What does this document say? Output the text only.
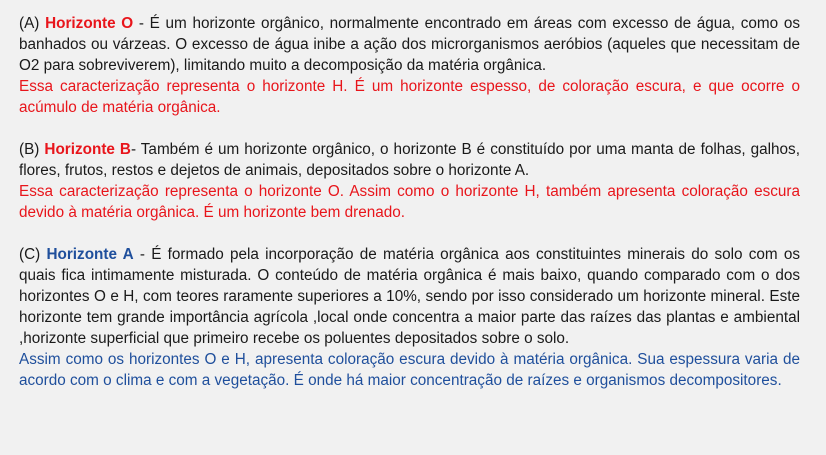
(A) Horizonte O - É um horizonte orgânico, normalmente encontrado em áreas com excesso de água, como os banhados ou várzeas. O excesso de água inibe a ação dos microrganismos aeróbios (aqueles que necessitam de O2 para sobreviverem), limitando muito a decomposição da matéria orgânica.

Essa caracterização representa o horizonte H. É um horizonte espesso, de coloração escura, e que ocorre o acúmulo de matéria orgânica.

(B) Horizonte B- Também é um horizonte orgânico, o horizonte B é constituído por uma manta de folhas, galhos, flores, frutos, restos e dejetos de animais, depositados sobre o horizonte A.

Essa caracterização representa o horizonte O. Assim como o horizonte H, também apresenta coloração escura devido à matéria orgânica. É um horizonte bem drenado.

(C) Horizonte A - É formado pela incorporação de matéria orgânica aos constituintes minerais do solo com os quais fica intimamente misturada. O conteúdo de matéria orgânica é mais baixo, quando comparado com o dos horizontes O e H, com teores raramente superiores a 10%, sendo por isso considerado um horizonte mineral. Este horizonte tem grande importância agrícola ,local onde concentra a maior parte das raízes das plantas e ambiental ,horizonte superficial que primeiro recebe os poluentes depositados sobre o solo.

Assim como os horizontes O e H, apresenta coloração escura devido à matéria orgânica. Sua espessura varia de acordo com o clima e com a vegetação. É onde há maior concentração de raízes e organismos decompositores.
